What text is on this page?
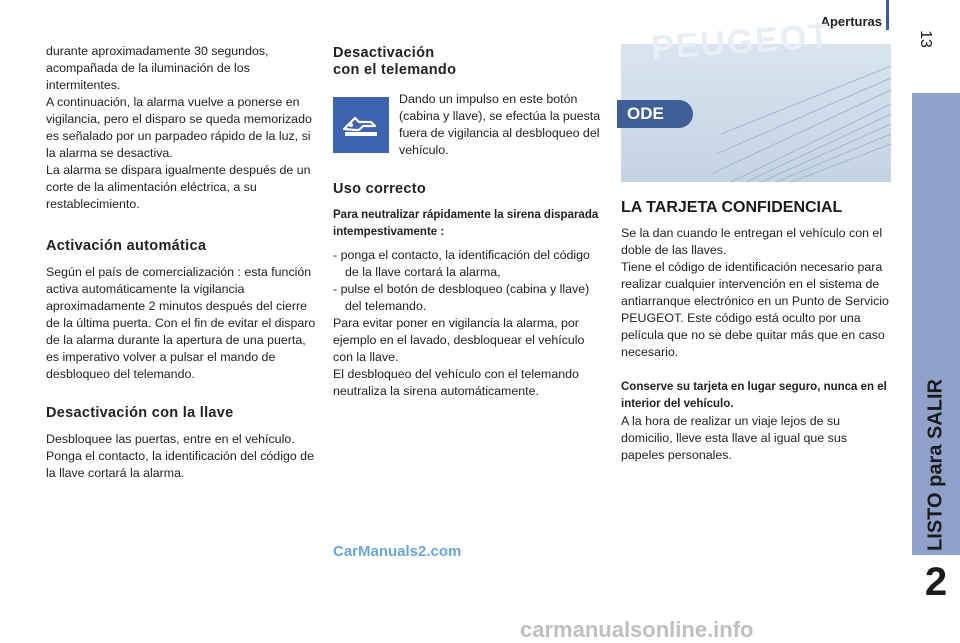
Aperturas
13
LISTO para SALIR
2

durante aproximadamente 30 segundos, acompañada de la iluminación de los intermitentes.

A continuación, la alarma vuelve a ponerse en vigilancia, pero el disparo se queda memorizado es señalado por un parpadeo rápido de la luz, si la alarma se desactiva.

La alarma se dispara igualmente después de un corte de la alimentación eléctrica, a su restablecimiento.

Activación automática

Según el país de comercialización : esta función activa automáticamente la vigilancia aproximadamente 2 minutos después del cierre de la última puerta. Con el fin de evitar el disparo de la alarma durante la apertura de una puerta, es imperativo volver a pulsar el mando de desbloqueo del telemando.

Desactivación con la llave

Desbloquee las puertas, entre en el vehículo. Ponga el contacto, la identificación del código de la llave cortará la alarma.

Desactivación
con el telemando

Dando un impulso en este botón (cabina y llave), se efectúa la puesta fuera de vigilancia al desbloqueo del vehículo.

Uso correcto

Para neutralizar rápidamente la sirena disparada intempestivamente :

- ponga el contacto, la identificación del código de la llave cortará la alarma,

- pulse el botón de desbloqueo (cabina y llave) del telemando.

Para evitar poner en vigilancia la alarma, por ejemplo en el lavado, desbloquear el vehículo con la llave.

El desbloqueo del vehículo con el telemando neutraliza la sirena automáticamente.

PEUGEOT
ODE
LA TARJETA CONFIDENCIAL

Se la dan cuando le entregan el vehículo con el doble de las llaves.

Tiene el código de identificación necesario para realizar cualquier intervención en el sistema de antiarranque electrónico en un Punto de Servicio PEUGEOT. Este código está oculto por una película que no se debe quitar más que en caso necesario.

Conserve su tarjeta en lugar seguro, nunca en el interior del vehículo.

A la hora de realizar un viaje lejos de su domicilio, lleve esta llave al igual que sus papeles personales.

CarManuals2.com
carmanualsonline.info
